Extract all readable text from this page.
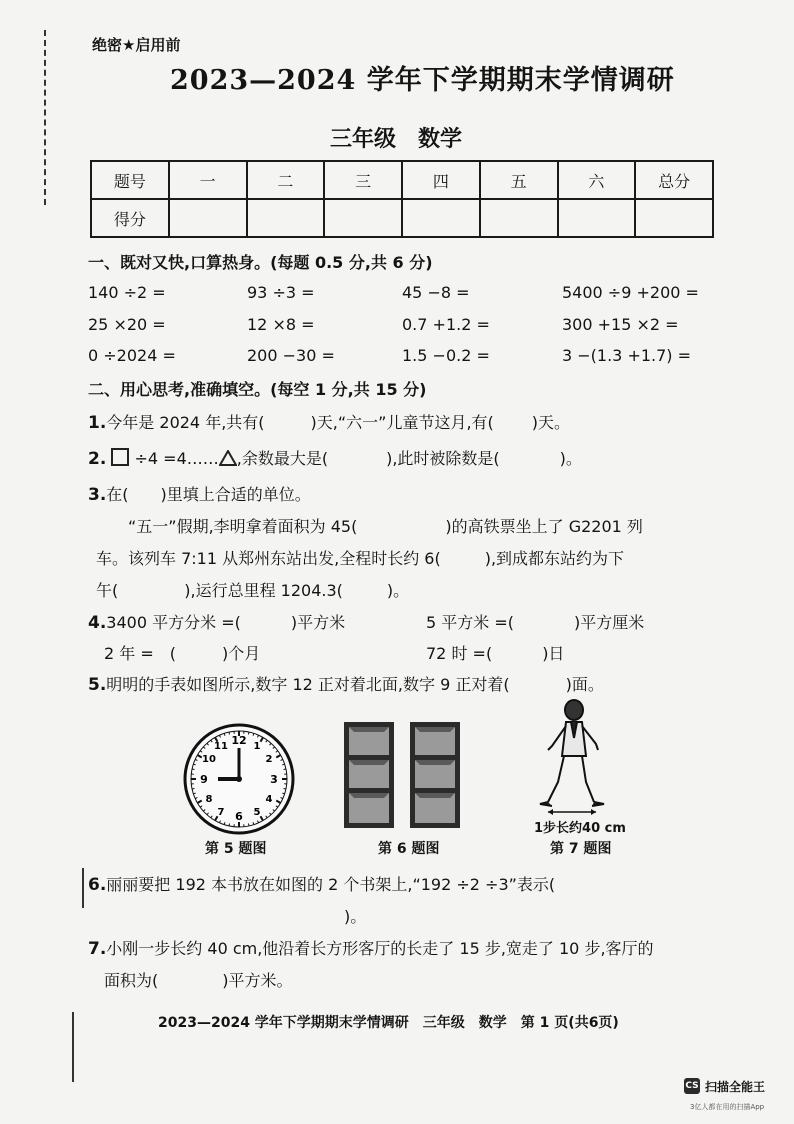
绝密★启用前
2023—2024 学年下学期期末学情调研
三年级　数学
题号	一	二	三	四	五	六	总分
得分							
一、既对又快,口算热身。(每题 0.5 分,共 6 分)
140 ÷2 =	93 ÷3 =	45 −8 =	5400 ÷9 +200 =
25 ×20 =	12 ×8 =	0.7 +1.2 =	300 +15 ×2 =
0 ÷2024 =	200 −30 =	1.5 −0.2 =	3 −(1.3 +1.7) =
二、用心思考,准确填空。(每空 1 分,共 15 分)
1.今年是 2024 年,共有(	)天,“六一”儿童节这月,有( )天。
2. ÷4 =4…… ,余数最大是(	),此时被除数是(	)。
3.在(　　)里填上合适的单位。
“五一”假期,李明拿着面积为 45(	)的高铁票坐上了 G2201 列
车。该列车 7:11 从郑州东站出发,全程时长约 6(	),到成都东站约为下
午(	),运行总里程 1204.3(	)。
4.3400 平方分米 =(	)平方米	5 平方米 =(	)平方厘米
2 年 =　(	)个月	72 时 =(	)日
5.明明的手表如图所示,数字 12 正对着北面,数字 9 正对着(	)面。
12 1
2
3
4
5
6
7
8
9
10
11
第 5 题图	第 6 题图
1步长约40 cm
第 7 题图
6.丽丽要把 192 本书放在如图的 2 个书架上,“192 ÷2 ÷3”表示(
)。
7.小刚一步长约 40 cm,他沿着长方形客厅的长走了 15 步,宽走了 10 步,客厅的
面积为(	)平方米。
2023—2024 学年下学期期末学情调研　三年级　数学　第 1 页(共6页)
CS 扫描全能王
3亿人都在用的扫描App
